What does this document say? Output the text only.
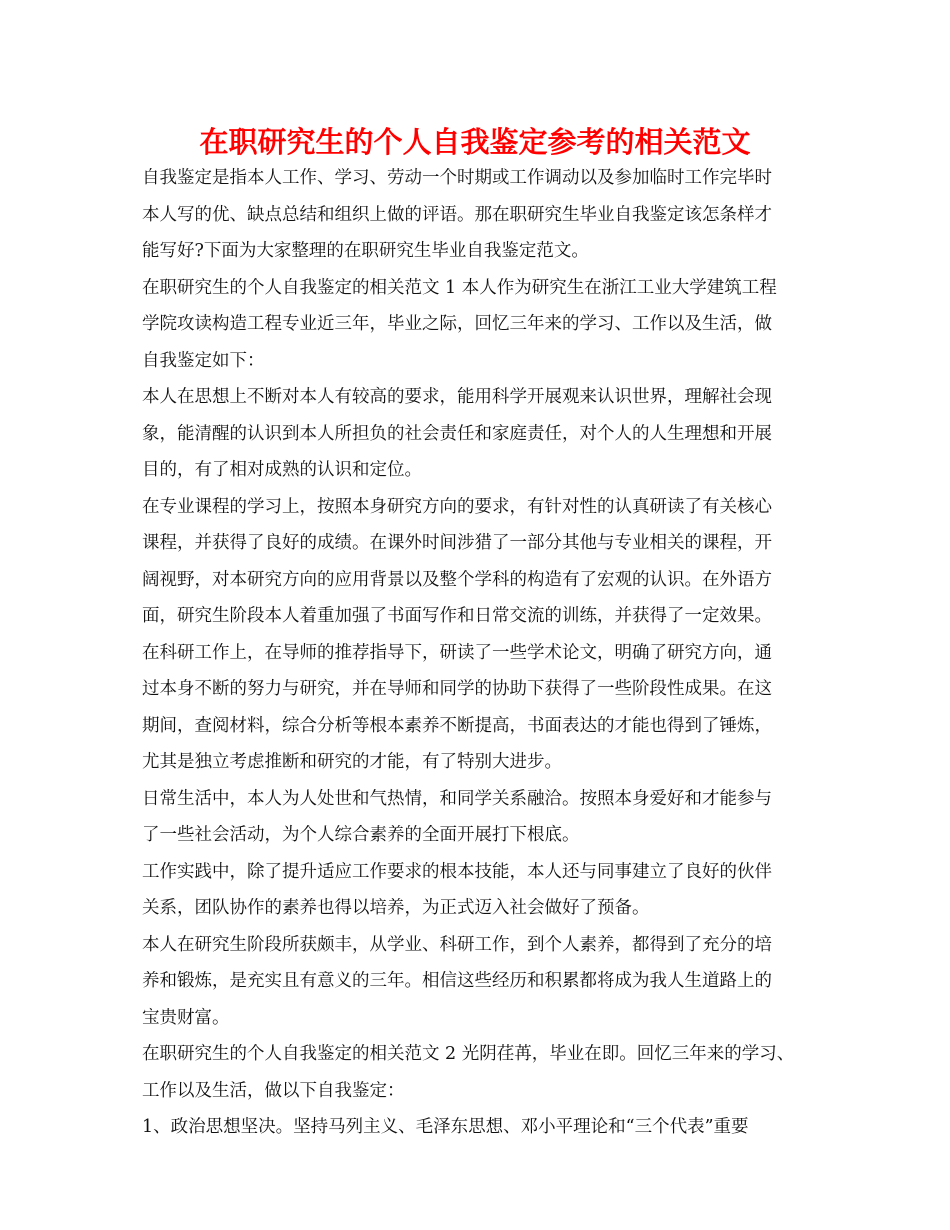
在职研究生的个人自我鉴定参考的相关范文
自我鉴定是指本人工作、学习、劳动一个时期或工作调动以及参加临时工作完毕时
本人写的优、缺点总结和组织上做的评语。那在职研究生毕业自我鉴定该怎条样才
能写好?下面为大家整理的在职研究生毕业自我鉴定范文。
在职研究生的个人自我鉴定的相关范文 1 本人作为研究生在浙江工业大学建筑工程
学院攻读构造工程专业近三年，毕业之际，回忆三年来的学习、工作以及生活，做
自我鉴定如下：
本人在思想上不断对本人有较高的要求，能用科学开展观来认识世界，理解社会现
象，能清醒的认识到本人所担负的社会责任和家庭责任，对个人的人生理想和开展
目的，有了相对成熟的认识和定位。
在专业课程的学习上，按照本身研究方向的要求，有针对性的认真研读了有关核心
课程，并获得了良好的成绩。在课外时间涉猎了一部分其他与专业相关的课程，开
阔视野，对本研究方向的应用背景以及整个学科的构造有了宏观的认识。在外语方
面，研究生阶段本人着重加强了书面写作和日常交流的训练，并获得了一定效果。
在科研工作上，在导师的推荐指导下，研读了一些学术论文，明确了研究方向，通
过本身不断的努力与研究，并在导师和同学的协助下获得了一些阶段性成果。在这
期间，查阅材料，综合分析等根本素养不断提高，书面表达的才能也得到了锤炼，
尤其是独立考虑推断和研究的才能，有了特别大进步。
日常生活中，本人为人处世和气热情，和同学关系融洽。按照本身爱好和才能参与
了一些社会活动，为个人综合素养的全面开展打下根底。
工作实践中，除了提升适应工作要求的根本技能，本人还与同事建立了良好的伙伴
关系，团队协作的素养也得以培养，为正式迈入社会做好了预备。
本人在研究生阶段所获颇丰，从学业、科研工作，到个人素养，都得到了充分的培
养和锻炼，是充实且有意义的三年。相信这些经历和积累都将成为我人生道路上的
宝贵财富。
在职研究生的个人自我鉴定的相关范文 2 光阴荏苒，毕业在即。回忆三年来的学习、
工作以及生活，做以下自我鉴定：
1、政治思想坚决。坚持马列主义、毛泽东思想、邓小平理论和“三个代表”重要
